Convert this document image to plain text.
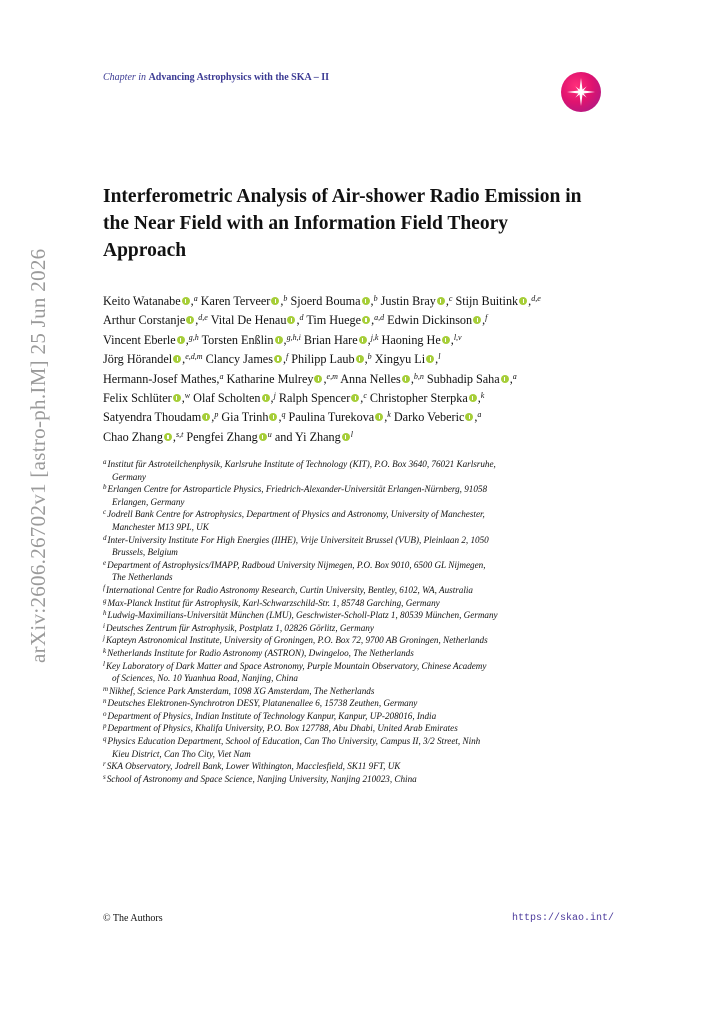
arXiv:2606.26702v1 [astro-ph.IM] 25 Jun 2026
Chapter in Advancing Astrophysics with the SKA – II
Interferometric Analysis of Air-shower Radio Emission in
the Near Field with an Information Field Theory
Approach
Keito Watanabe ,$^a$ Karen Terveer ,$^b$ Sjoerd Bouma ,$^b$ Justin Bray ,$^c$ Stijn Buitink ,$^{d,e}$
Arthur Corstanje ,$^{d,e}$ Vital De Henau ,$^d$ Tim Huege ,$^{a,d}$ Edwin Dickinson ,$^f$
Vincent Eberle ,$^{g,h}$ Torsten Enßlin ,$^{g,h,i}$ Brian Hare ,$^{j,k}$ Haoning He ,$^{l,v}$
Jörg Hörandel ,$^{e,d,m}$ Clancy James ,$^f$ Philipp Laub ,$^b$ Xingyu Li ,$^l$
Hermann-Josef Mathes,$^a$ Katharine Mulrey ,$^{e,m}$ Anna Nelles ,$^{b,n}$ Subhadip Saha ,$^a$
Felix Schlüter ,$^w$ Olaf Scholten ,$^j$ Ralph Spencer ,$^c$ Christopher Sterpka ,$^k$
Satyendra Thoudam ,$^p$ Gia Trinh ,$^q$ Paulina Turekova ,$^k$ Darko Veberic ,$^a$
Chao Zhang ,$^{s,t}$ Pengfei Zhang $^u$ and Yi Zhang $^l$
$^a$Institut für Astroteilchenphysik, Karlsruhe Institute of Technology (KIT), P.O. Box 3640, 76021 Karlsruhe,
Germany
$^b$Erlangen Centre for Astroparticle Physics, Friedrich-Alexander-Universität Erlangen-Nürnberg, 91058
Erlangen, Germany
$^c$Jodrell Bank Centre for Astrophysics, Department of Physics and Astronomy, University of Manchester,
Manchester M13 9PL, UK
$^d$Inter-University Institute For High Energies (IIHE), Vrije Universiteit Brussel (VUB), Pleinlaan 2, 1050
Brussels, Belgium
$^e$Department of Astrophysics/IMAPP, Radboud University Nijmegen, P.O. Box 9010, 6500 GL Nijmegen,
The Netherlands
$^f$International Centre for Radio Astronomy Research, Curtin University, Bentley, 6102, WA, Australia
$^g$Max-Planck Institut für Astrophysik, Karl-Schwarzschild-Str. 1, 85748 Garching, Germany
$^h$Ludwig-Maximilians-Universität München (LMU), Geschwister-Scholl-Platz 1, 80539 München, Germany
$^i$Deutsches Zentrum für Astrophysik, Postplatz 1, 02826 Görlitz, Germany
$^j$Kapteyn Astronomical Institute, University of Groningen, P.O. Box 72, 9700 AB Groningen, Netherlands
$^k$Netherlands Institute for Radio Astronomy (ASTRON), Dwingeloo, The Netherlands
$^l$Key Laboratory of Dark Matter and Space Astronomy, Purple Mountain Observatory, Chinese Academy
of Sciences, No. 10 Yuanhua Road, Nanjing, China
$^m$Nikhef, Science Park Amsterdam, 1098 XG Amsterdam, The Netherlands
$^n$Deutsches Elektronen-Synchrotron DESY, Platanenallee 6, 15738 Zeuthen, Germany
$^o$Department of Physics, Indian Institute of Technology Kanpur, Kanpur, UP-208016, India
$^p$Department of Physics, Khalifa University, P.O. Box 127788, Abu Dhabi, United Arab Emirates
$^q$Physics Education Department, School of Education, Can Tho University, Campus II, 3/2 Street, Ninh
Kieu District, Can Tho City, Viet Nam
$^r$SKA Observatory, Jodrell Bank, Lower Withington, Macclesfield, SK11 9FT, UK
$^s$School of Astronomy and Space Science, Nanjing University, Nanjing 210023, China
© The Authors	https://skao.int/
